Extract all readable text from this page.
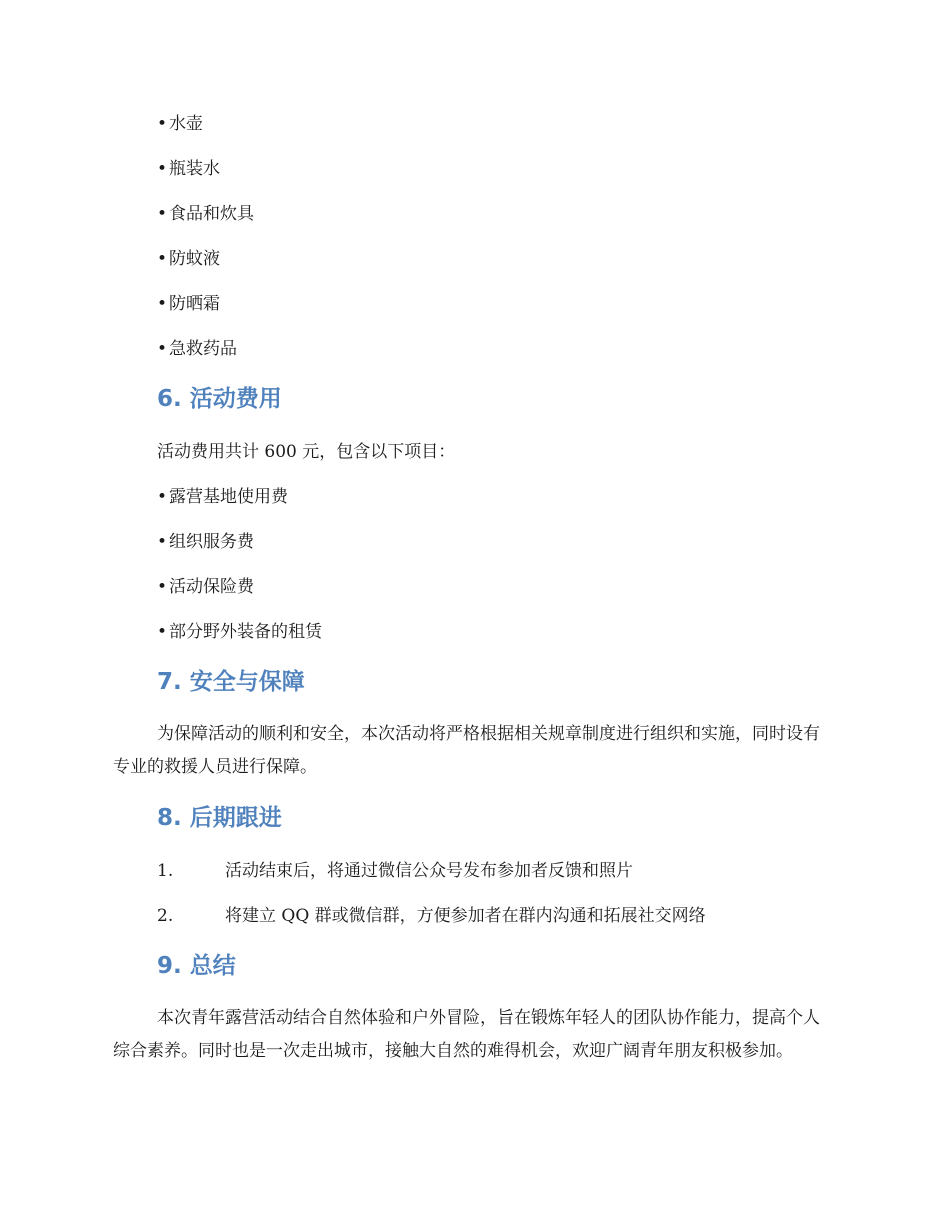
• 水壶
• 瓶装水
• 食品和炊具
• 防蚊液
• 防晒霜
• 急救药品
6. 活动费用
活动费用共计 600 元，包含以下项目：
• 露营基地使用费
• 组织服务费
• 活动保险费
• 部分野外装备的租赁
7. 安全与保障

为保障活动的顺利和安全，本次活动将严格根据相关规章制度进行组织和实施，同时设有专业的救援人员进行保障。

8. 后期跟进
1.	活动结束后，将通过微信公众号发布参加者反馈和照片
2.	将建立 QQ 群或微信群，方便参加者在群内沟通和拓展社交网络
9. 总结

本次青年露营活动结合自然体验和户外冒险，旨在锻炼年轻人的团队协作能力，提高个人综合素养。同时也是一次走出城市，接触大自然的难得机会，欢迎广阔青年朋友积极参加。
